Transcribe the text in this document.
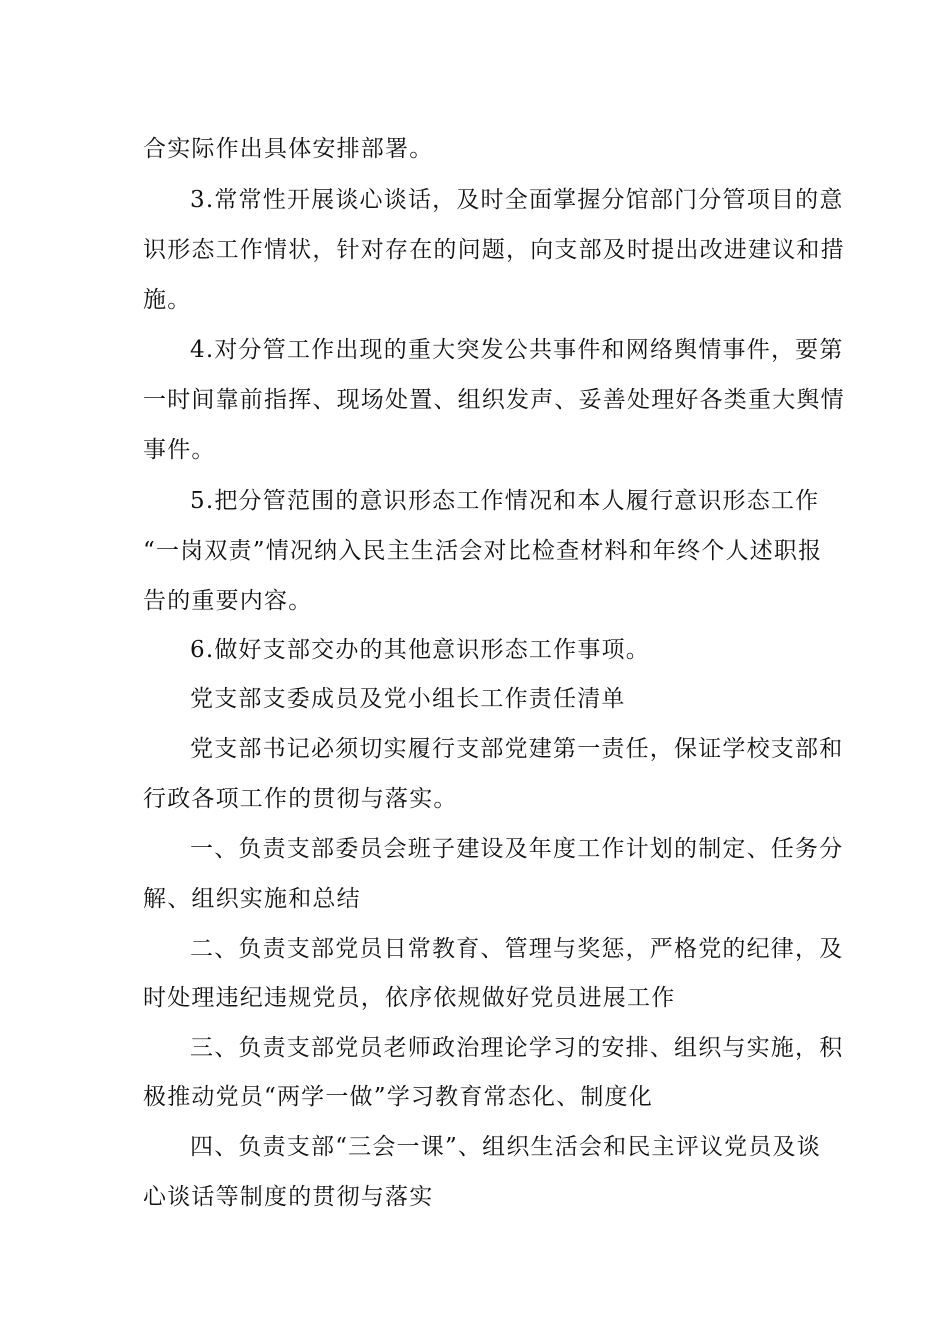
合实际作出具体安排部署。

3.常常性开展谈心谈话，及时全面掌握分馆部门分管项目的意

识形态工作情状，针对存在的问题，向支部及时提出改进建议和措

施。

4.对分管工作出现的重大突发公共事件和网络舆情事件，要第

一时间靠前指挥、现场处置、组织发声、妥善处理好各类重大舆情

事件。

5.把分管范围的意识形态工作情况和本人履行意识形态工作

“一岗双责”情况纳入民主生活会对比检查材料和年终个人述职报

告的重要内容。

6.做好支部交办的其他意识形态工作事项。

党支部支委成员及党小组长工作责任清单

党支部书记必须切实履行支部党建第一责任，保证学校支部和

行政各项工作的贯彻与落实。

一、负责支部委员会班子建设及年度工作计划的制定、任务分

解、组织实施和总结

二、负责支部党员日常教育、管理与奖惩，严格党的纪律，及

时处理违纪违规党员，依序依规做好党员进展工作

三、负责支部党员老师政治理论学习的安排、组织与实施，积

极推动党员“两学一做”学习教育常态化、制度化

四、负责支部“三会一课”、组织生活会和民主评议党员及谈

心谈话等制度的贯彻与落实
